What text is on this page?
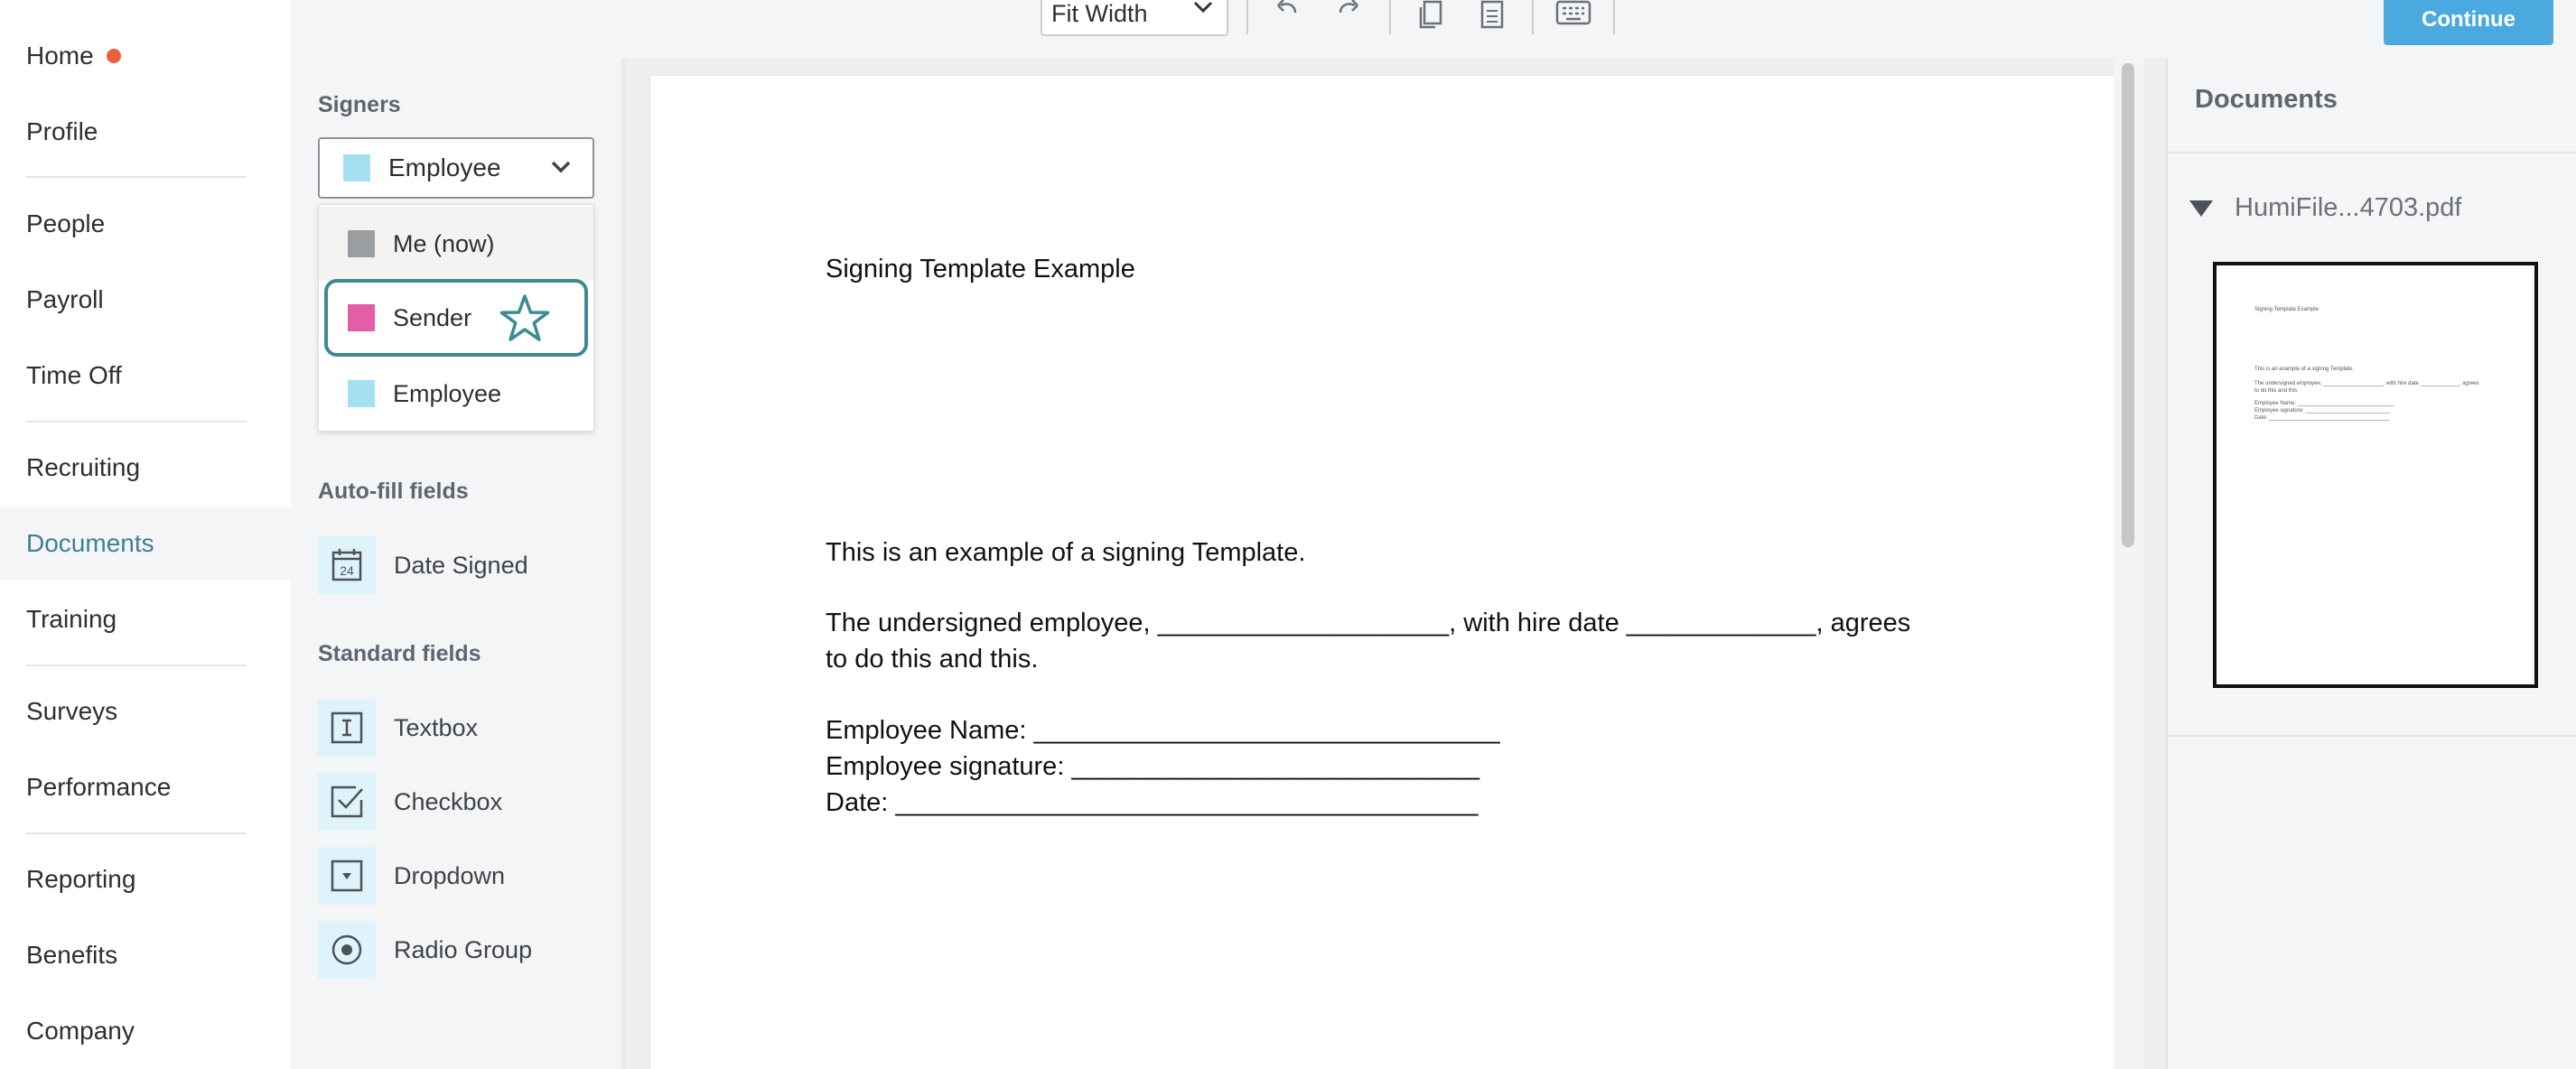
Home
Profile
People
Payroll
Time Off
Recruiting
Documents
Training
Surveys
Performance
Reporting
Benefits
Company
Fit Width	Continue
Signers
Employee
Me (now)
Sender
Employee
Auto-fill fields
24 Date Signed
Standard fields
Textbox
Checkbox
Dropdown
Radio Group
Signing Template Example
This is an example of a signing Template.
The undersigned employee, ____________________, with hire date _____________, agrees
to do this and this.
Employee Name: ________________________________
Employee signature: ____________________________
Date: ________________________________________
Documents
HumiFile...4703.pdf
Signing Template Example
This is an example of a signing Template.
The undersigned employee, ____________________, with hire date _____________, agrees
to do this and this.
Employee Name: ________________________________
Employee signature: ____________________________
Date: ________________________________________
